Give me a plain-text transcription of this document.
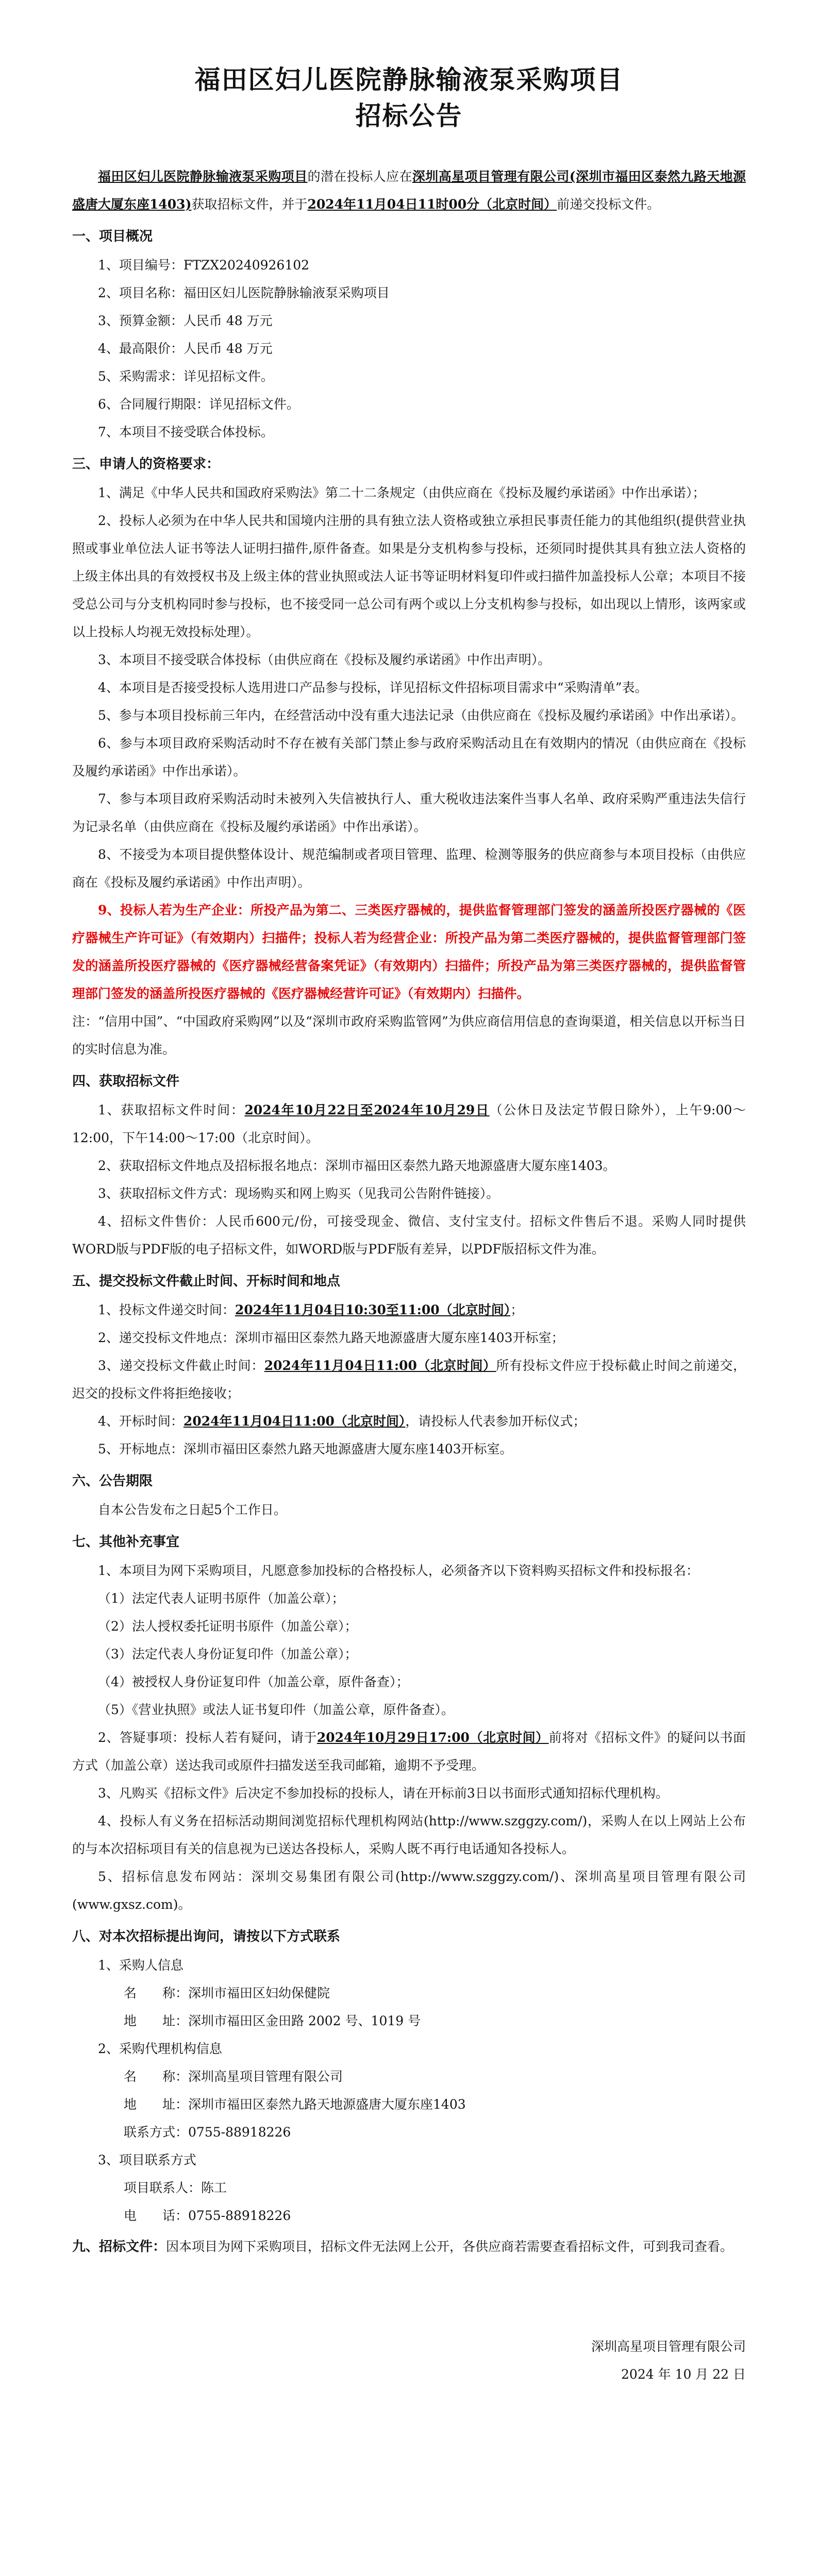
福田区妇儿医院静脉输液泵采购项目

招标公告

福田区妇儿医院静脉输液泵采购项目的潜在投标人应在深圳高星项目管理有限公司(深圳市福田区泰然九路天地源盛唐大厦东座1403)获取招标文件，并于2024年11月04日11时00分（北京时间）前递交投标文件。

一、项目概况

1、项目编号：FTZX20240926102

2、项目名称：福田区妇儿医院静脉输液泵采购项目

3、预算金额：人民币 48 万元

4、最高限价：人民币 48 万元

5、采购需求：详见招标文件。

6、合同履行期限：详见招标文件。

7、本项目不接受联合体投标。

三、申请人的资格要求：

1、满足《中华人民共和国政府采购法》第二十二条规定（由供应商在《投标及履约承诺函》中作出承诺）；

2、投标人必须为在中华人民共和国境内注册的具有独立法人资格或独立承担民事责任能力的其他组织(提供营业执照或事业单位法人证书等法人证明扫描件,原件备查。如果是分支机构参与投标，还须同时提供其具有独立法人资格的上级主体出具的有效授权书及上级主体的营业执照或法人证书等证明材料复印件或扫描件加盖投标人公章；本项目不接受总公司与分支机构同时参与投标，也不接受同一总公司有两个或以上分支机构参与投标，如出现以上情形，该两家或以上投标人均视无效投标处理）。

3、本项目不接受联合体投标（由供应商在《投标及履约承诺函》中作出声明）。

4、本项目是否接受投标人选用进口产品参与投标，详见招标文件招标项目需求中“采购清单”表。

5、参与本项目投标前三年内，在经营活动中没有重大违法记录（由供应商在《投标及履约承诺函》中作出承诺）。

6、参与本项目政府采购活动时不存在被有关部门禁止参与政府采购活动且在有效期内的情况（由供应商在《投标及履约承诺函》中作出承诺）。

7、参与本项目政府采购活动时未被列入失信被执行人、重大税收违法案件当事人名单、政府采购严重违法失信行为记录名单（由供应商在《投标及履约承诺函》中作出承诺）。

8、不接受为本项目提供整体设计、规范编制或者项目管理、监理、检测等服务的供应商参与本项目投标（由供应商在《投标及履约承诺函》中作出声明）。

9、投标人若为生产企业：所投产品为第二、三类医疗器械的，提供监督管理部门签发的涵盖所投医疗器械的《医疗器械生产许可证》（有效期内）扫描件；投标人若为经营企业：所投产品为第二类医疗器械的，提供监督管理部门签发的涵盖所投医疗器械的《医疗器械经营备案凭证》（有效期内）扫描件；所投产品为第三类医疗器械的，提供监督管理部门签发的涵盖所投医疗器械的《医疗器械经营许可证》（有效期内）扫描件。

注：“信用中国”、“中国政府采购网”以及“深圳市政府采购监管网”为供应商信用信息的查询渠道，相关信息以开标当日的实时信息为准。

四、获取招标文件

1、获取招标文件时间：2024年10月22日至2024年10月29日（公休日及法定节假日除外），上午9:00～12:00，下午14:00～17:00（北京时间）。

2、获取招标文件地点及招标报名地点：深圳市福田区泰然九路天地源盛唐大厦东座1403。

3、获取招标文件方式：现场购买和网上购买（见我司公告附件链接）。

4、招标文件售价：人民币600元/份，可接受现金、微信、支付宝支付。招标文件售后不退。采购人同时提供WORD版与PDF版的电子招标文件，如WORD版与PDF版有差异，以PDF版招标文件为准。

五、提交投标文件截止时间、开标时间和地点

1、投标文件递交时间：2024年11月04日10:30至11:00（北京时间）；

2、递交投标文件地点：深圳市福田区泰然九路天地源盛唐大厦东座1403开标室；

3、递交投标文件截止时间：2024年11月04日11:00（北京时间）所有投标文件应于投标截止时间之前递交，迟交的投标文件将拒绝接收；

4、开标时间：2024年11月04日11:00（北京时间），请投标人代表参加开标仪式；

5、开标地点：深圳市福田区泰然九路天地源盛唐大厦东座1403开标室。

六、公告期限

自本公告发布之日起5个工作日。

七、其他补充事宜

1、本项目为网下采购项目，凡愿意参加投标的合格投标人，必须备齐以下资料购买招标文件和投标报名：

（1）法定代表人证明书原件（加盖公章）；

（2）法人授权委托证明书原件（加盖公章）；

（3）法定代表人身份证复印件（加盖公章）；

（4）被授权人身份证复印件（加盖公章，原件备查）；

（5）《营业执照》或法人证书复印件（加盖公章，原件备查）。

2、答疑事项：投标人若有疑问，请于2024年10月29日17:00（北京时间）前将对《招标文件》的疑问以书面方式（加盖公章）送达我司或原件扫描发送至我司邮箱，逾期不予受理。

3、凡购买《招标文件》后决定不参加投标的投标人，请在开标前3日以书面形式通知招标代理机构。

4、投标人有义务在招标活动期间浏览招标代理机构网站(http://www.szggzy.com/)，采购人在以上网站上公布的与本次招标项目有关的信息视为已送达各投标人，采购人既不再行电话通知各投标人。

5、招标信息发布网站：深圳交易集团有限公司(http://www.szggzy.com/)、深圳高星项目管理有限公司(www.gxsz.com)。

八、对本次招标提出询问，请按以下方式联系

1、采购人信息

名　　称：深圳市福田区妇幼保健院

地　　址：深圳市福田区金田路 2002 号、1019 号

2、采购代理机构信息

名　　称：深圳高星项目管理有限公司

地　　址：深圳市福田区泰然九路天地源盛唐大厦东座1403

联系方式：0755-88918226

3、项目联系方式

项目联系人：陈工

电　　话：0755-88918226

九、招标文件：因本项目为网下采购项目，招标文件无法网上公开，各供应商若需要查看招标文件，可到我司查看。

深圳高星项目管理有限公司

2024 年 10 月 22 日
